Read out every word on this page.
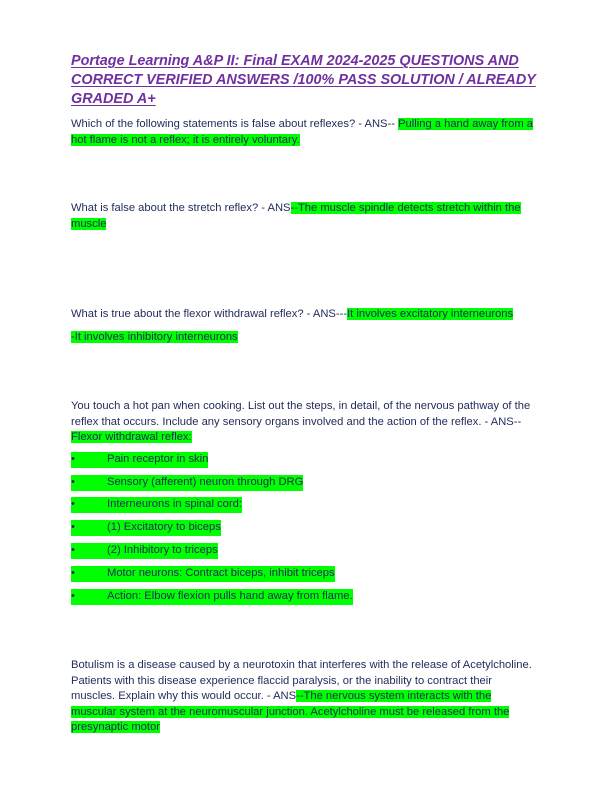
Portage Learning A&P II: Final EXAM 2024-2025 QUESTIONS AND CORRECT VERIFIED ANSWERS /100% PASS SOLUTION / ALREADY GRADED A+
Which of the following statements is false about reflexes? - ANS-- Pulling a hand away from a hot flame is not a reflex; it is entirely voluntary.
What is false about the stretch reflex? - ANS--The muscle spindle detects stretch within the muscle
What is true about the flexor withdrawal reflex? - ANS---It involves excitatory interneurons
-It involves inhibitory interneurons
You touch a hot pan when cooking. List out the steps, in detail, of the nervous pathway of the reflex that occurs. Include any sensory organs involved and the action of the reflex. - ANS-- Flexor withdrawal reflex:
•	Pain receptor in skin
•	Sensory (afferent) neuron through DRG
•	Interneurons in spinal cord:
•	(1) Excitatory to biceps
•	(2) Inhibitory to triceps
•	Motor neurons: Contract biceps, inhibit triceps
•	Action: Elbow flexion pulls hand away from flame.
Botulism is a disease caused by a neurotoxin that interferes with the release of Acetylcholine. Patients with this disease experience flaccid paralysis, or the inability to contract their muscles. Explain why this would occur. - ANS--The nervous system interacts with the muscular system at the neuromuscular junction. Acetylcholine must be released from the presynaptic motor
